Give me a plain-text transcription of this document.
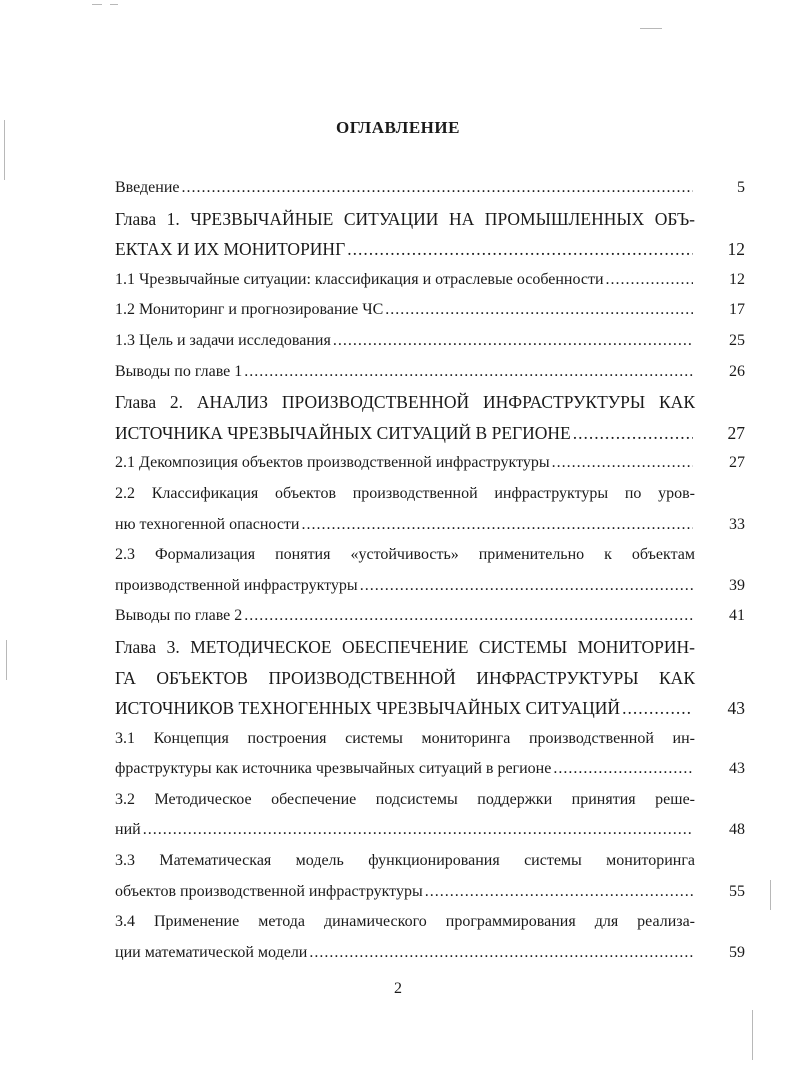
ОГЛАВЛЕНИЕ
Введение .....	5
Глава 1. ЧРЕЗВЫЧАЙНЫЕ СИТУАЦИИ НА ПРОМЫШЛЕННЫХ ОБЪ-
ЕКТАХ И ИХ МОНИТОРИНГ .....	12
1.1 Чрезвычайные ситуации: классификация и отраслевые особенности .....	12
1.2 Мониторинг и прогнозирование ЧС .....	17
1.3 Цель и задачи исследования .....	25
Выводы по главе 1 .....	26
Глава 2. АНАЛИЗ ПРОИЗВОДСТВЕННОЙ ИНФРАСТРУКТУРЫ КАК
ИСТОЧНИКА ЧРЕЗВЫЧАЙНЫХ СИТУАЦИЙ В РЕГИОНЕ .....	27
2.1 Декомпозиция объектов производственной инфраструктуры .....	27
2.2 Классификация объектов производственной инфраструктуры по уров-
ню техногенной опасности .....	33
2.3 Формализация понятия «устойчивость» применительно к объектам
производственной инфраструктуры .....	39
Выводы по главе 2 .....	41
Глава 3. МЕТОДИЧЕСКОЕ ОБЕСПЕЧЕНИЕ СИСТЕМЫ МОНИТОРИН-
ГА ОБЪЕКТОВ ПРОИЗВОДСТВЕННОЙ ИНФРАСТРУКТУРЫ КАК
ИСТОЧНИКОВ ТЕХНОГЕННЫХ ЧРЕЗВЫЧАЙНЫХ СИТУАЦИЙ .....	43
3.1 Концепция построения системы мониторинга производственной ин-
фраструктуры как источника чрезвычайных ситуаций в регионе .....	43
3.2 Методическое обеспечение подсистемы поддержки принятия реше-
ний .....	48
3.3 Математическая модель функционирования системы мониторинга
объектов производственной инфраструктуры .....	55
3.4 Применение метода динамического программирования для реализа-
ции математической модели .....	59
2
